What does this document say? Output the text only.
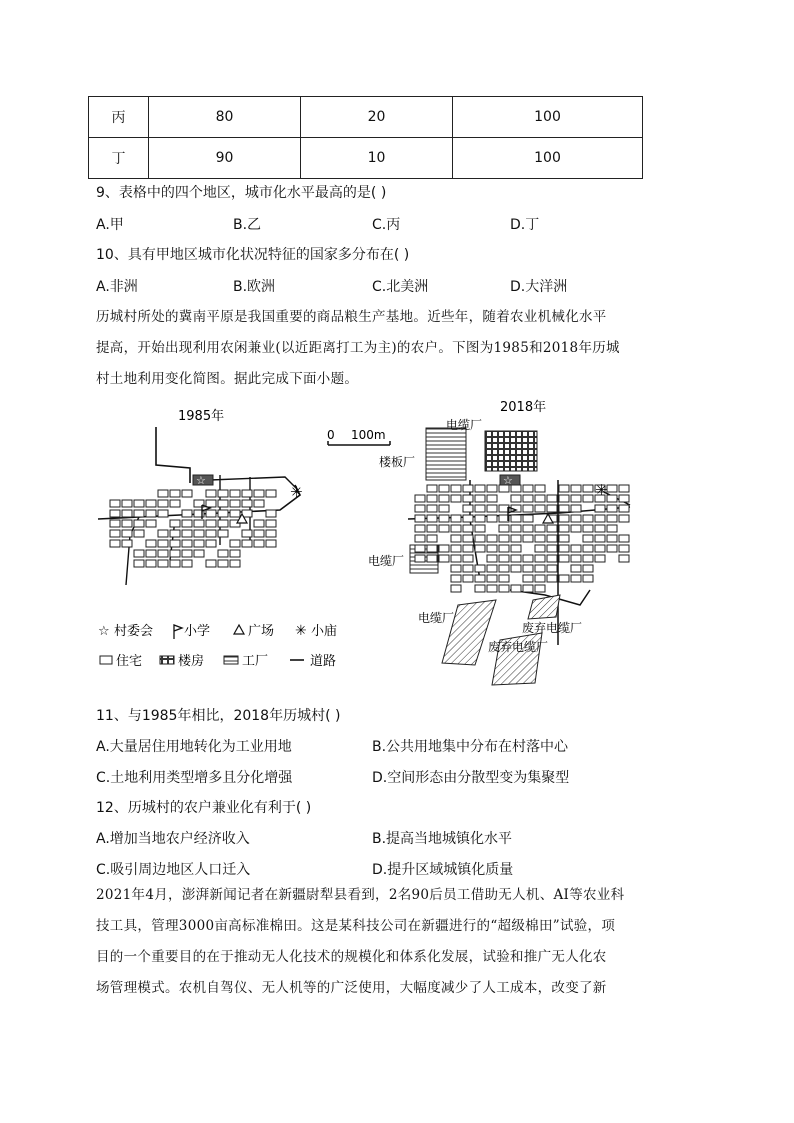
丙	80	20	100
丁	90	10	100
9、表格中的四个地区，城市化水平最高的是( )
A.甲	B.乙	C.丙	D.丁
10、具有甲地区城市化状况特征的国家多分布在( )
A.非洲	B.欧洲	C.北美洲	D.大洋洲

历城村所处的冀南平原是我国重要的商品粮生产基地。近些年，随着农业机械化水平

提高，开始出现利用农闲兼业(以近距离打工为主)的农户。下图为1985和2018年历城

村土地利用变化简图。据此完成下面小题。

1985年
2018年
0 100m
☆
✳
☆
✳
电缆厂
楼板厂
电缆厂
电缆厂
废弃电缆厂
废弃电缆厂
☆ 村委会 小学	广场 ✳ 小庙
住宅	楼房	工厂	道路
11、与1985年相比，2018年历城村( )
A.大量居住用地转化为工业用地	B.公共用地集中分布在村落中心
C.土地利用类型增多且分化增强	D.空间形态由分散型变为集聚型
12、历城村的农户兼业化有利于( )
A.增加当地农户经济收入	B.提高当地城镇化水平
C.吸引周边地区人口迁入	D.提升区域城镇化质量

2021年4月，澎湃新闻记者在新疆尉犁县看到，2名90后员工借助无人机、AI等农业科

技工具，管理3000亩高标准棉田。这是某科技公司在新疆进行的“超级棉田”试验，项

目的一个重要目的在于推动无人化技术的规模化和体系化发展，试验和推广无人化农

场管理模式。农机自驾仪、无人机等的广泛使用，大幅度减少了人工成本，改变了新
